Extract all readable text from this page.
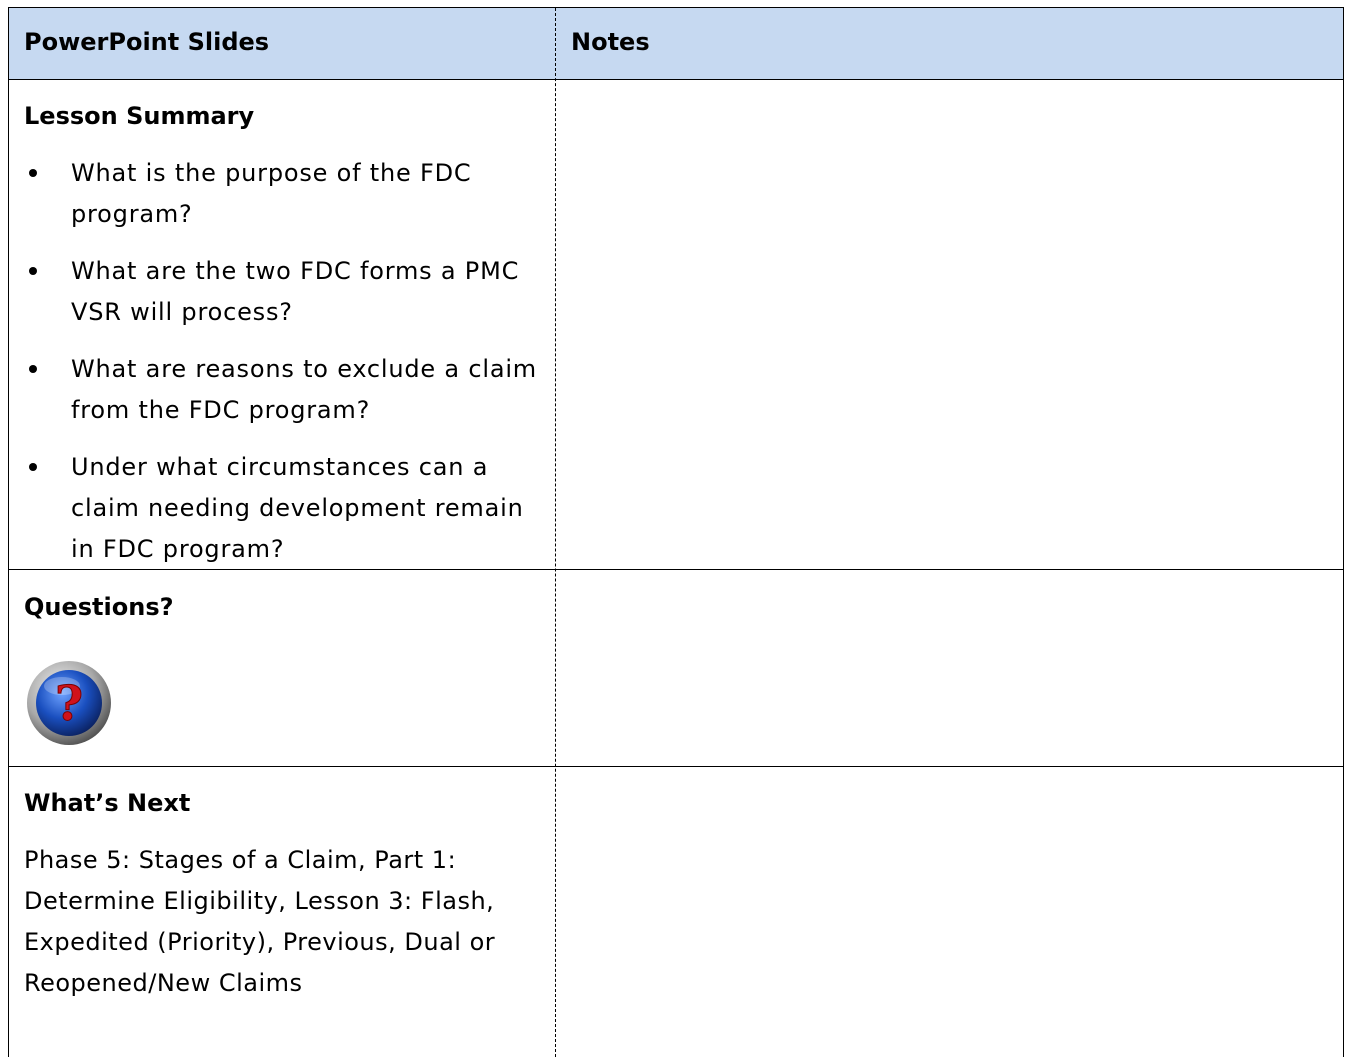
PowerPoint Slides	Notes
Lesson Summary
What is the purpose of the FDC program?
What are the two FDC forms a PMC VSR will process?
What are reasons to exclude a claim from the FDC program?
Under what circumstances can a claim needing development remain in FDC program?
Questions?
?
What’s Next
Phase 5: Stages of a Claim, Part 1: Determine Eligibility, Lesson 3: Flash, Expedited (Priority), Previous, Dual or Reopened/New Claims
